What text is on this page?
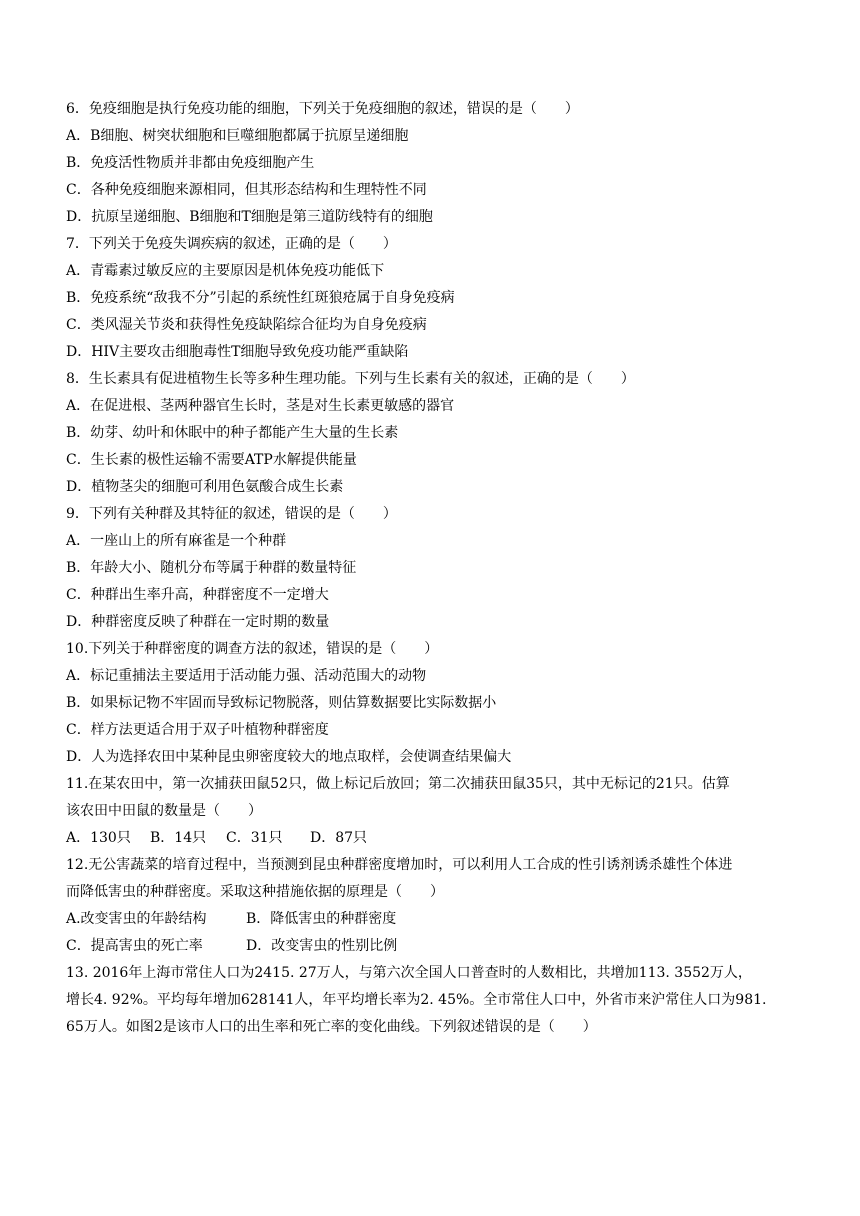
6．免疫细胞是执行免疫功能的细胞，下列关于免疫细胞的叙述，错误的是（　　）
A．B细胞、树突状细胞和巨噬细胞都属于抗原呈递细胞
B．免疫活性物质并非都由免疫细胞产生
C．各种免疫细胞来源相同，但其形态结构和生理特性不同
D．抗原呈递细胞、B细胞和T细胞是第三道防线特有的细胞
7．下列关于免疫失调疾病的叙述，正确的是（　　）
A．青霉素过敏反应的主要原因是机体免疫功能低下
B．免疫系统“敌我不分”引起的系统性红斑狼疮属于自身免疫病
C．类风湿关节炎和获得性免疫缺陷综合征均为自身免疫病
D．HIV主要攻击细胞毒性T细胞导致免疫功能严重缺陷
8．生长素具有促进植物生长等多种生理功能。下列与生长素有关的叙述，正确的是（　　）
A．在促进根、茎两种器官生长时，茎是对生长素更敏感的器官
B．幼芽、幼叶和休眠中的种子都能产生大量的生长素
C．生长素的极性运输不需要ATP水解提供能量
D．植物茎尖的细胞可利用色氨酸合成生长素
9．下列有关种群及其特征的叙述，错误的是（　　）
A．一座山上的所有麻雀是一个种群
B．年龄大小、随机分布等属于种群的数量特征
C．种群出生率升高，种群密度不一定增大
D．种群密度反映了种群在一定时期的数量
10.下列关于种群密度的调查方法的叙述，错误的是（　　）
A．标记重捕法主要适用于活动能力强、活动范围大的动物
B．如果标记物不牢固而导致标记物脱落，则估算数据要比实际数据小
C．样方法更适合用于双子叶植物种群密度
D．人为选择农田中某种昆虫卵密度较大的地点取样，会使调查结果偏大
11.在某农田中，第一次捕获田鼠52只，做上标记后放回；第二次捕获田鼠35只，其中无标记的21只。估算
该农田中田鼠的数量是（　　）
A．130只 B．14只 C．31只 D．87只
12.无公害蔬菜的培育过程中，当预测到昆虫种群密度增加时，可以利用人工合成的性引诱剂诱杀雄性个体进
而降低害虫的种群密度。采取这种措施依据的原理是（　　）
A.改变害虫的年龄结构	B．降低害虫的种群密度
C．提高害虫的死亡率	D．改变害虫的性别比例
13. 2016年上海市常住人口为2415. 27万人，与第六次全国人口普查时的人数相比，共增加113. 3552万人，
增长4. 92%。平均每年增加628141人，年平均增长率为2. 45%。全市常住人口中，外省市来沪常住人口为981.
65万人。如图2是该市人口的出生率和死亡率的变化曲线。下列叙述错误的是（　　）
